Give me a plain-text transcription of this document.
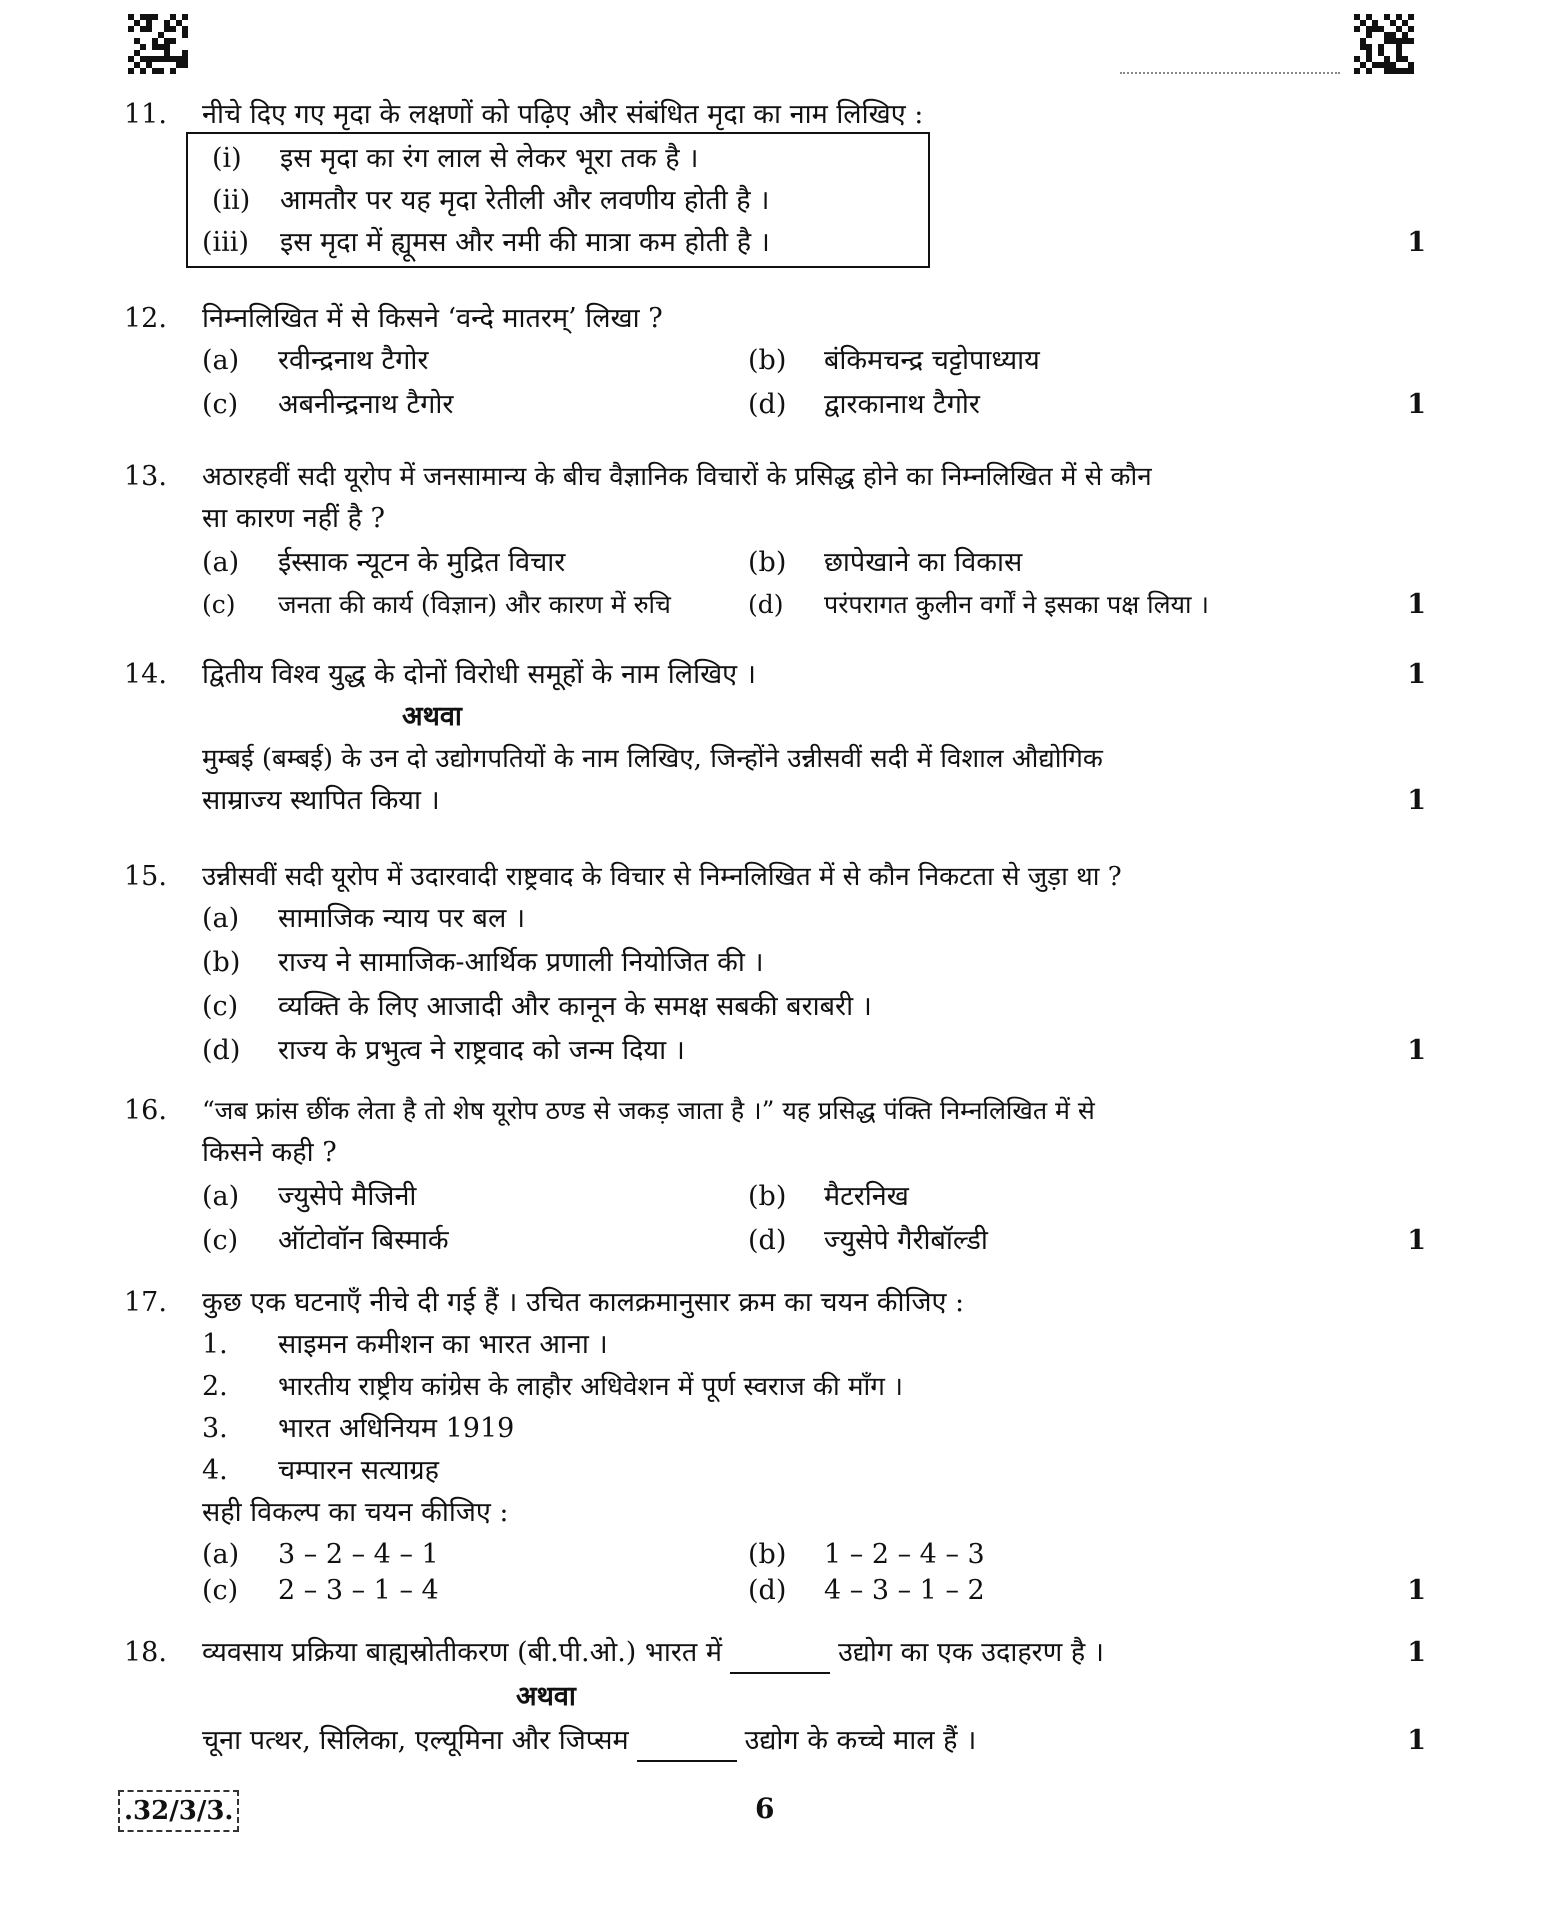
11.	नीचे दिए गए मृदा के लक्षणों को पढ़िए और संबंधित मृदा का नाम लिखिए :
(i)	इस मृदा का रंग लाल से लेकर भूरा तक है ।
(ii)	आमतौर पर यह मृदा रेतीली और लवणीय होती है ।
(iii)	इस मृदा में ह्यूमस और नमी की मात्रा कम होती है ।	1
12.	निम्नलिखित में से किसने ‘वन्दे मातरम्’ लिखा ?
(a)	रवीन्द्रनाथ टैगोर	(b)	बंकिमचन्द्र चट्टोपाध्याय
(c)	अबनीन्द्रनाथ टैगोर	(d)	द्वारकानाथ टैगोर	1
13.	अठारहवीं सदी यूरोप में जनसामान्य के बीच वैज्ञानिक विचारों के प्रसिद्ध होने का निम्नलिखित में से कौन
सा कारण नहीं है ?
(a)	ईस्साक न्यूटन के मुद्रित विचार	(b)	छापेखाने का विकास
(c)	जनता की कार्य (विज्ञान) और कारण में रुचि	(d)	परंपरागत कुलीन वर्गों ने इसका पक्ष लिया ।	1
14.	द्वितीय विश्व युद्ध के दोनों विरोधी समूहों के नाम लिखिए ।	1
अथवा
मुम्बई (बम्बई) के उन दो उद्योगपतियों के नाम लिखिए, जिन्होंने उन्नीसवीं सदी में विशाल औद्योगिक
साम्राज्य स्थापित किया ।	1
15.	उन्नीसवीं सदी यूरोप में उदारवादी राष्ट्रवाद के विचार से निम्नलिखित में से कौन निकटता से जुड़ा था ?
(a)	सामाजिक न्याय पर बल ।
(b)	राज्य ने सामाजिक-आर्थिक प्रणाली नियोजित की ।
(c)	व्यक्ति के लिए आजादी और कानून के समक्ष सबकी बराबरी ।
(d)	राज्य के प्रभुत्व ने राष्ट्रवाद को जन्म दिया ।	1
16.	“जब फ्रांस छींक लेता है तो शेष यूरोप ठण्ड से जकड़ जाता है ।” यह प्रसिद्ध पंक्ति निम्नलिखित में से
किसने कही ?
(a)	ज्युसेपे मैजिनी	(b)	मैटरनिख
(c)	ऑटोवॉन बिस्मार्क	(d)	ज्युसेपे गैरीबॉल्डी	1
17.	कुछ एक घटनाएँ नीचे दी गई हैं । उचित कालक्रमानुसार क्रम का चयन कीजिए :
1.	साइमन कमीशन का भारत आना ।
2.	भारतीय राष्ट्रीय कांग्रेस के लाहौर अधिवेशन में पूर्ण स्वराज की माँग ।
3.	भारत अधिनियम 1919
4.	चम्पारन सत्याग्रह
सही विकल्प का चयन कीजिए :
(a)	3 – 2 – 4 – 1	(b)	1 – 2 – 4 – 3
(c)	2 – 3 – 1 – 4	(d)	4 – 3 – 1 – 2	1
18.	व्यवसाय प्रक्रिया बाह्यस्रोतीकरण (बी.पी.ओ.) भारत में	उद्योग का एक उदाहरण है ।	1
अथवा
चूना पत्थर, सिलिका, एल्यूमिना और जिप्सम	उद्योग के कच्चे माल हैं ।	1
.32/3/3.	6
